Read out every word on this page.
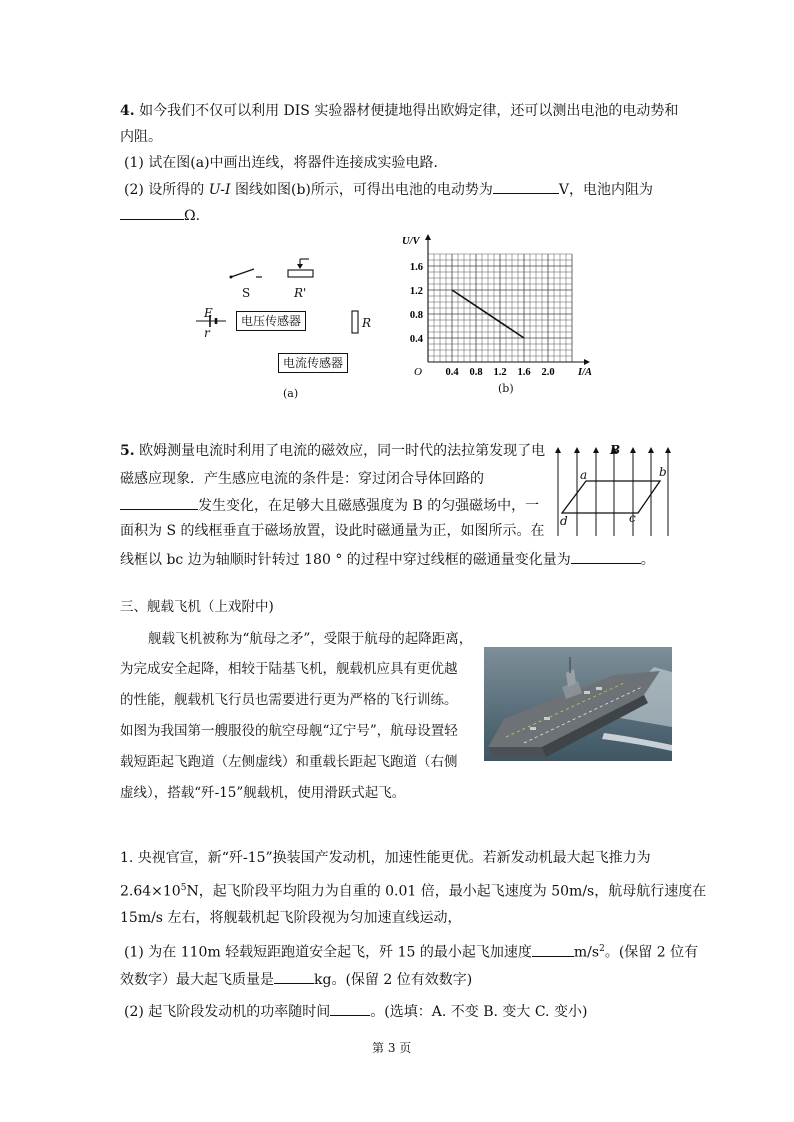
4. 如今我们不仅可以利用 DIS 实验器材便捷地得出欧姆定律，还可以测出电池的电动势和
内阻。
(1) 试在图(a)中画出连线，将器件连接成实验电路．
(2) 设所得的 U-I 图线如图(b)所示，可得出电池的电动势为	V，电池内阻为
Ω.
S	R'
E
r
电压传感器	R
电流传感器
(a)
0.4 0.8 1.2 1.6 2.0
0.4
0.8
1.2
1.6
O	I/A
U/V
(b)
5. 欧姆测量电流时利用了电流的磁效应，同一时代的法拉第发现了电
磁感应现象．产生感应电流的条件是：穿过闭合导体回路的
发生变化，在足够大且磁感强度为 B 的匀强磁场中，一
面积为 S 的线框垂直于磁场放置，设此时磁通量为正，如图所示。在
线框以 bc 边为轴顺时针转过 180 ° 的过程中穿过线框的磁通量变化量为	。
B
a	b
c
d
三、舰载飞机（上戏附中)
舰载飞机被称为“航母之矛”，受限于航母的起降距离，
为完成安全起降，相较于陆基飞机，舰载机应具有更优越
的性能，舰载机飞行员也需要进行更为严格的飞行训练。
如图为我国第一艘服役的航空母舰“辽宁号”，航母设置轻
载短距起飞跑道（左侧虚线）和重载长距起飞跑道（右侧
虚线），搭载“歼-15”舰载机，使用滑跃式起飞。
1. 央视官宣，新“歼-15”换装国产发动机，加速性能更优。若新发动机最大起飞推力为
$2.64\times 10^5N$，起飞阶段平均阻力为自重的 0.01 倍，最小起飞速度为 50m/s，航母航行速度在
15m/s 左右，将舰载机起飞阶段视为匀加速直线运动，
(1) 为在 110m 轻载短距跑道安全起飞，歼 15 的最小起飞加速度	$m/s^2$。(保留 2 位有
效数字）最大起飞质量是	kg。(保留 2 位有效数字)
(2) 起飞阶段发动机的功率随时间	。(选填：A. 不变 B. 变大 C. 变小)
第 3 页
